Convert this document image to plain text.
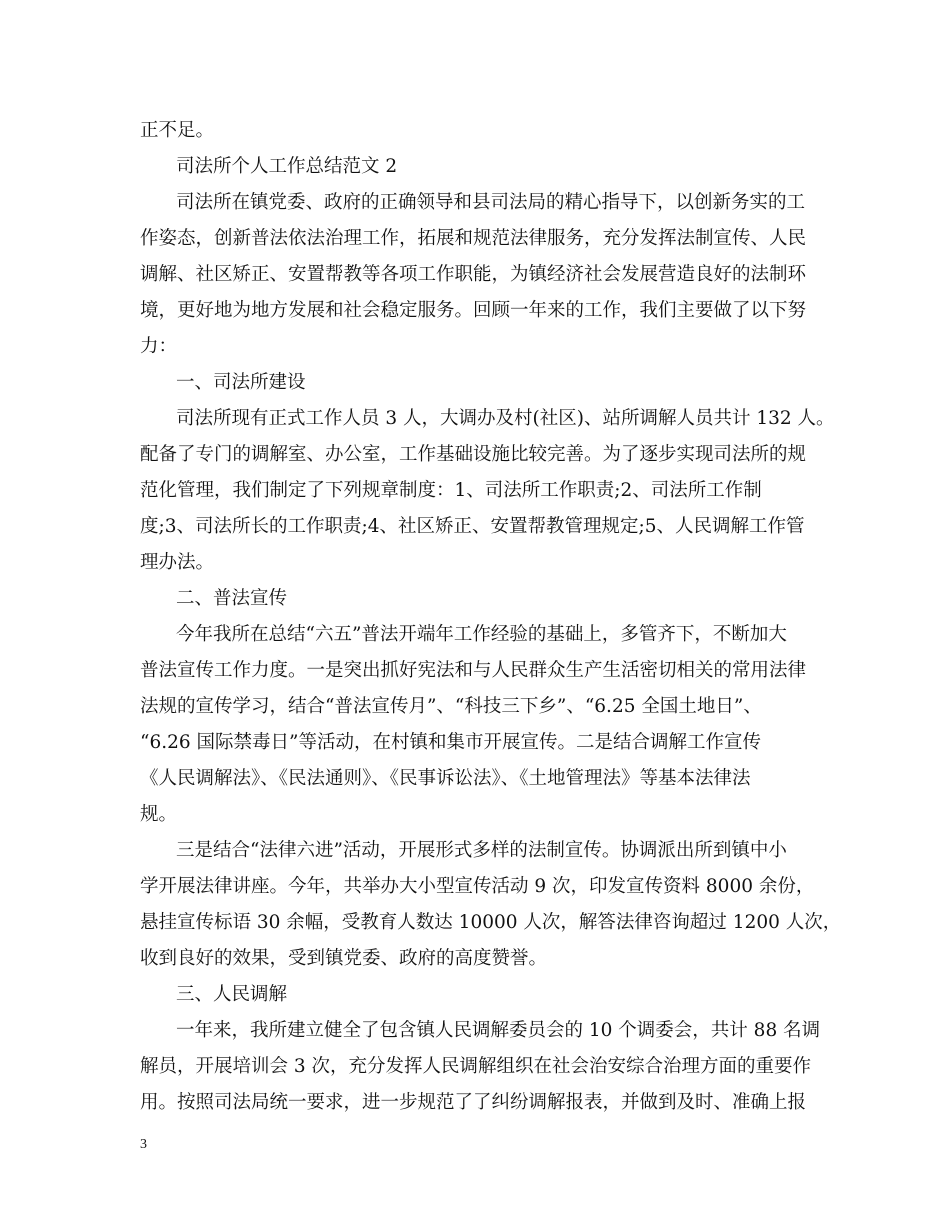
正不足。
司法所个人工作总结范文 2
司法所在镇党委、政府的正确领导和县司法局的精心指导下，以创新务实的工
作姿态，创新普法依法治理工作，拓展和规范法律服务，充分发挥法制宣传、人民
调解、社区矫正、安置帮教等各项工作职能，为镇经济社会发展营造良好的法制环
境，更好地为地方发展和社会稳定服务。回顾一年来的工作，我们主要做了以下努
力：
一、司法所建设
司法所现有正式工作人员 3 人，大调办及村(社区)、站所调解人员共计 132 人。
配备了专门的调解室、办公室，工作基础设施比较完善。为了逐步实现司法所的规
范化管理，我们制定了下列规章制度：1、司法所工作职责;2、司法所工作制
度;3、司法所长的工作职责;4、社区矫正、安置帮教管理规定;5、人民调解工作管
理办法。
二、普法宣传
今年我所在总结“六五”普法开端年工作经验的基础上，多管齐下，不断加大
普法宣传工作力度。一是突出抓好宪法和与人民群众生产生活密切相关的常用法律
法规的宣传学习，结合“普法宣传月”、“科技三下乡”、“6.25 全国土地日”、
“6.26 国际禁毒日”等活动，在村镇和集市开展宣传。二是结合调解工作宣传
《人民调解法》、《民法通则》、《民事诉讼法》、《土地管理法》等基本法律法
规。
三是结合“法律六进”活动，开展形式多样的法制宣传。协调派出所到镇中小
学开展法律讲座。今年，共举办大小型宣传活动 9 次，印发宣传资料 8000 余份，
悬挂宣传标语 30 余幅，受教育人数达 10000 人次，解答法律咨询超过 1200 人次，
收到良好的效果，受到镇党委、政府的高度赞誉。
三、人民调解
一年来，我所建立健全了包含镇人民调解委员会的 10 个调委会，共计 88 名调
解员，开展培训会 3 次，充分发挥人民调解组织在社会治安综合治理方面的重要作
用。按照司法局统一要求，进一步规范了了纠纷调解报表，并做到及时、准确上报
3
